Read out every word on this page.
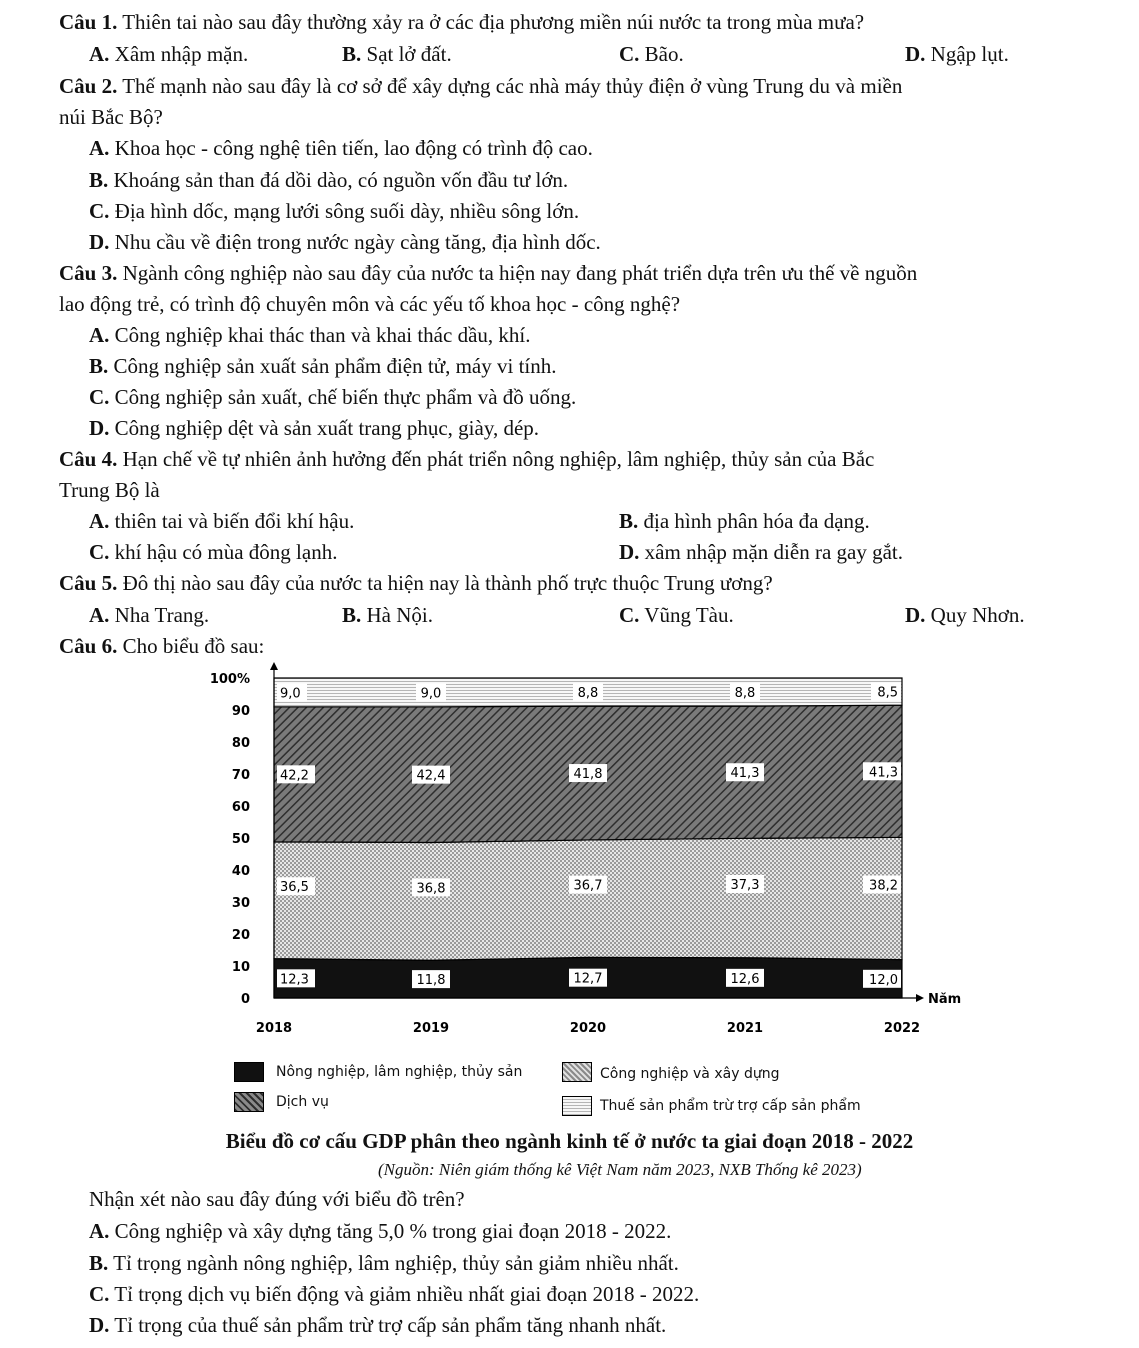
Câu 1. Thiên tai nào sau đây thường xảy ra ở các địa phương miền núi nước ta trong mùa mưa?
A. Xâm nhập mặn.	B. Sạt lở đất.	C. Bão.	D. Ngập lụt.
Câu 2. Thế mạnh nào sau đây là cơ sở để xây dựng các nhà máy thủy điện ở vùng Trung du và miền
núi Bắc Bộ?
A. Khoa học - công nghệ tiên tiến, lao động có trình độ cao.
B. Khoáng sản than đá dồi dào, có nguồn vốn đầu tư lớn.
C. Địa hình dốc, mạng lưới sông suối dày, nhiều sông lớn.
D. Nhu cầu về điện trong nước ngày càng tăng, địa hình dốc.
Câu 3. Ngành công nghiệp nào sau đây của nước ta hiện nay đang phát triển dựa trên ưu thế về nguồn
lao động trẻ, có trình độ chuyên môn và các yếu tố khoa học - công nghệ?
A. Công nghiệp khai thác than và khai thác dầu, khí.
B. Công nghiệp sản xuất sản phẩm điện tử, máy vi tính.
C. Công nghiệp sản xuất, chế biến thực phẩm và đồ uống.
D. Công nghiệp dệt và sản xuất trang phục, giày, dép.
Câu 4. Hạn chế về tự nhiên ảnh hưởng đến phát triển nông nghiệp, lâm nghiệp, thủy sản của Bắc
Trung Bộ là
A. thiên tai và biến đổi khí hậu.	B. địa hình phân hóa đa dạng.
C. khí hậu có mùa đông lạnh.	D. xâm nhập mặn diễn ra gay gắt.
Câu 5. Đô thị nào sau đây của nước ta hiện nay là thành phố trực thuộc Trung ương?
A. Nha Trang.	B. Hà Nội.	C. Vũng Tàu.	D. Quy Nhơn.
Câu 6. Cho biểu đồ sau:
0
10
20
30
40
50
60
70
80
90
100%
2018	2019	2020	2021	2022
Năm
12,3	11,8	12,7	12,6	12,0
36,5	36,8	36,7	37,3	38,2
42,2	42,4	41,8	41,3	41,3
9,0	9,0	8,8	8,8	8,5
Nông nghiệp, lâm nghiệp, thủy sản	Công nghiệp và xây dựng
Dịch vụ	Thuế sản phẩm trừ trợ cấp sản phẩm
Biểu đồ cơ cấu GDP phân theo ngành kinh tế ở nước ta giai đoạn 2018 - 2022
(Nguồn: Niên giám thống kê Việt Nam năm 2023, NXB Thống kê 2023)
Nhận xét nào sau đây đúng với biểu đồ trên?
A. Công nghiệp và xây dựng tăng 5,0 % trong giai đoạn 2018 - 2022.
B. Tỉ trọng ngành nông nghiệp, lâm nghiệp, thủy sản giảm nhiều nhất.
C. Tỉ trọng dịch vụ biến động và giảm nhiều nhất giai đoạn 2018 - 2022.
D. Tỉ trọng của thuế sản phẩm trừ trợ cấp sản phẩm tăng nhanh nhất.
